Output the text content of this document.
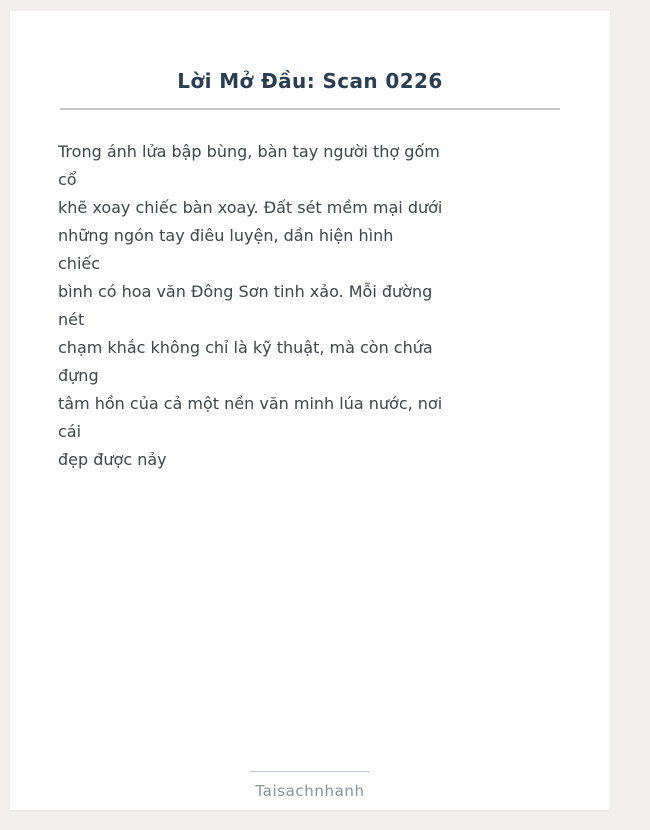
Lời Mở Đầu: Scan 0226

Trong ánh lửa bập bùng, bàn tay người thợ gốm

cổ

khẽ xoay chiếc bàn xoay. Đất sét mềm mại dưới

những ngón tay điêu luyện, dần hiện hình

chiếc

bình có hoa văn Đông Sơn tinh xảo. Mỗi đường

nét

chạm khắc không chỉ là kỹ thuật, mà còn chứa

đựng

tâm hồn của cả một nền văn minh lúa nước, nơi

cái

đẹp được nảy

Taisachnhanh
